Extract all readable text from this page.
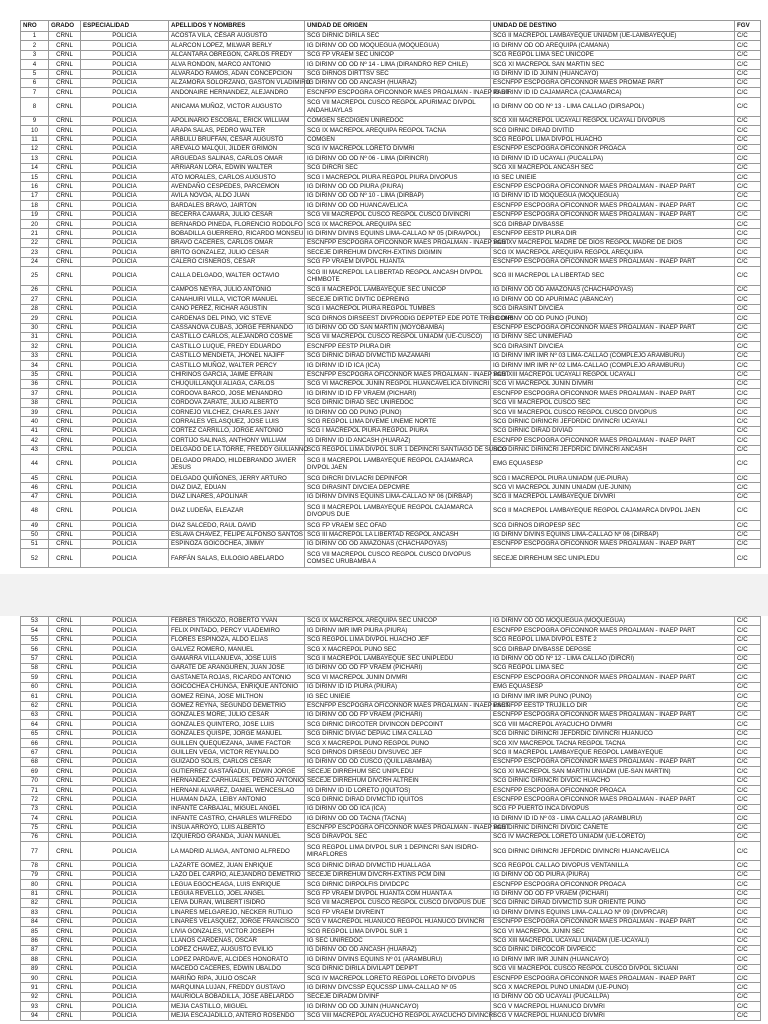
NRO	GRADO	ESPECIALIDAD	APELLIDOS Y NOMBRES	UNIDAD DE ORIGEN	UNIDAD DE DESTINO	FGV
1	CRNL	POLICIA	ACOSTA VILA, CÉSAR AUGUSTO	SCG DIRNIC DIRILA SEC	SCG II MACREPOL LAMBAYEQUE UNIADM (UE-LAMBAYEQUE)	C/C
2	CRNL	POLICIA	ALARCON LOPEZ, MILWAR BERLY	IG DIRINV OD OD MOQUEGUA (MOQUEGUA)	IG DIRINV OD OD AREQUIPA (CAMANA)	C/C
3	CRNL	POLICIA	ALCANTARA OBREGON, CARLOS FREDY	SCG FP VRAEM SEC UNICOP	SCG REGPOL LIMA SEC UNICOPE	C/C
4	CRNL	POLICIA	ALVA RONDON, MARCO ANTONIO	IG DIRINV OD OD Nº 14 - LIMA (DIRANDRO REP CHILE)	SCG XI MACREPOL SAN MARTIN SEC	C/C
5	CRNL	POLICIA	ALVARADO RAMOS, ADAN CONCEPCION	SCG DIRNOS DIRTTSV SEC	IG DIRINV ID ID JUNIN (HUANCAYO)	C/C
6	CRNL	POLICIA	ALZAMORA SOLORZANO, GASTON VLADIMIRO	IG DIRINV OD OD ANCASH (HUARAZ)	ESCNFPP ESCPOGRA OFICONNOR MAES PROMAE PART	C/C
7	CRNL	POLICIA	ANDONAIRE HERNANDEZ, ALEJANDRO	ESCNFPP ESCPOGRA OFICONNOR MAES PROALMAN - INAEP PART	IG DIRINV ID ID CAJAMARCA (CAJAMARCA)	C/C
8	CRNL	POLICIA	ANICAMA MUÑOZ, VICTOR AUGUSTO	SCG VII MACREPOL CUSCO REGPOL APURIMAC DIVPOL ANDAHUAYLAS	IG DIRINV OD OD Nº 13 - LIMA CALLAO (DIRSAPOL)	C/C
9	CRNL	POLICIA	APOLINARIO ESCOBAL, ERICK WILLIAM	COMGEN SECDIGEN UNIREDOC	SCG XIII MACREPOL UCAYALI REGPOL UCAYALI DIVOPUS	C/C
10	CRNL	POLICIA	ARAPA SALAS, PEDRO WALTER	SCG IX MACREPOL AREQUIPA REGPOL TACNA	SCG DIRNIC DIRAD DIVITID	C/C
11	CRNL	POLICIA	ARBULU BRUFFAN, CESAR AUGUSTO	COMGEN	SCG REGPOL LIMA DIVPOL HUACHO	C/C
12	CRNL	POLICIA	AREVALO MALQUI, JILDER GRIMON	SCG IV MACREPOL LORETO DIVMRI	ESCNFPP ESCPOGRA OFICONNOR PROACA	C/C
13	CRNL	POLICIA	ARGUEDAS SALINAS, CARLOS OMAR	IG DIRINV OD OD Nº 06 - LIMA (DIRINCRI)	IG DIRINV ID ID UCAYALI (PUCALLPA)	C/C
14	CRNL	POLICIA	ARRIARAN LORA, EDWIN WALTER	SCG DIRCRI SEC	SCG XII MACREPOL ANCASH SEC	C/C
15	CRNL	POLICIA	ATO MORALES, CARLOS AUGUSTO	SCG I MACREPOL PIURA REGPOL PIURA DIVOPUS	IG SEC UNIEIE	C/C
16	CRNL	POLICIA	AVENDAÑO CESPEDES, PARCEMON	IG DIRINV OD OD PIURA (PIURA)	ESCNFPP ESCPOGRA OFICONNOR MAES PROALMAN - INAEP PART	C/C
17	CRNL	POLICIA	AVILA NOVOA, ALDO JUAN	IG DIRINV OD OD Nº 10 - LIMA (DIRBAP)	IG DIRINV ID ID MOQUEGUA (MOQUEGUA)	C/C
18	CRNL	POLICIA	BARDALES BRAVO, JAIRTON	IG DIRINV OD OD HUANCAVELICA	ESCNFPP ESCPOGRA OFICONNOR MAES PROALMAN - INAEP PART	C/C
19	CRNL	POLICIA	BECERRA CAMARA, JULIO CESAR	SCG VII MACREPOL CUSCO REGPOL CUSCO DIVINCRI	ESCNFPP ESCPOGRA OFICONNOR MAES PROALMAN - INAEP PART	C/C
20	CRNL	POLICIA	BERNARDO PINEDA, FLORENCIO RODOLFO	SCG IX MACREPOL AREQUIPA SEC	SCG DIRBAP DIVBASSE	C/C
21	CRNL	POLICIA	BOBADILLA GUERRERO, RICARDO MONSEU	IG DIRINV DIVINS EQUINS LIMA-CALLAO Nº 05 (DIRAVPOL)	ESCNFPP EESTP PIURA DIR	C/C
22	CRNL	POLICIA	BRAVO CACERES, CARLOS OMAR	ESCNFPP ESCPOGRA OFICONNOR MAES PROALMAN - INAEP PART	SCG XV MACREPOL MADRE DE DIOS REGPOL MADRE DE DIOS	C/C
23	CRNL	POLICIA	BRITO GONZALEZ, JULIO CESAR	SECEJE DIRREHUM DIVCRH-EXTINS DIGIMIN	SCG IX MACREPOL AREQUIPA REGPOL AREQUIPA	C/C
24	CRNL	POLICIA	CALERO CISNEROS, CESAR	SCG FP VRAEM DIVPOL HUANTA	ESCNFPP ESCPOGRA OFICONNOR MAES PROALMAN - INAEP PART	C/C
25	CRNL	POLICIA	CALLA DELGADO, WALTER OCTAVIO	SCG III MACREPOL LA LIBERTAD REGPOL ANCASH DIVPOL CHIMBOTE	SCG III MACREPOL LA LIBERTAD SEC	C/C
26	CRNL	POLICIA	CAMPOS NEYRA, JULIO ANTONIO	SCG II MACREPOL LAMBAYEQUE SEC UNICOP	IG DIRINV OD OD AMAZONAS (CHACHAPOYAS)	C/C
27	CRNL	POLICIA	CANAHUIRI VILLA, VICTOR MANUEL	SECEJE DIRTIC DIVTIC DEPREING	IG DIRINV OD OD APURIMAC (ABANCAY)	C/C
28	CRNL	POLICIA	CANO PEREZ, RICHAR AGUSTIN	SCG I MACREPOL PIURA REGPOL TUMBES	SCG DIRASINT DIVCIEA	C/C
29	CRNL	POLICIA	CARDENAS DEL PINO, VIC STEVE	SCG DIRNOS DIRSEEST DIVPRODIG DEPPTEP EDE PDTE TRIB CONS	IG DIRINV OD OD PUNO (PUNO)	C/C
30	CRNL	POLICIA	CASSANOVA CUBAS, JORGE FERNANDO	IG DIRINV OD OD SAN MARTIN (MOYOBAMBA)	ESCNFPP ESCPOGRA OFICONNOR MAES PROALMAN - INAEP PART	C/C
31	CRNL	POLICIA	CASTILLO CARLOS, ALEJANDRO COSME	SCG VII MACREPOL CUSCO REGPOL UNIADM (UE-CUSCO)	IG DIRINV SEC UNIMEFIAD	C/C
32	CRNL	POLICIA	CASTILLO LUQUE, FREDY EDUARDO	ESCNFPP EESTP PIURA DIR	SCG DIRASINT DIVCIEA	C/C
33	CRNL	POLICIA	CASTILLO MENDIETA, JHONEL NAJIFF	SCG DIRNIC DIRAD DIVMCTID MAZAMARI	IG DIRINV IMR IMR Nº 03 LIMA-CALLAO (COMPLEJO ARAMBURU)	C/C
34	CRNL	POLICIA	CASTILLO MUÑOZ, WALTER PERCY	IG DIRINV ID ID ICA (ICA)	IG DIRINV IMR IMR Nº 02 LIMA-CALLAO (COMPLEJO ARAMBURU)	C/C
35	CRNL	POLICIA	CHIRINOS GARCIA, JAIME EFRAIN	ESCNFPP ESCPOGRA OFICONNOR MAES PROALMAN - INAEP PART	SCG XIII MACREPOL UCAYALI REGPOL UCAYALI	C/C
36	CRNL	POLICIA	CHUQUILLANQUI ALIAGA, CARLOS	SCG VI MACREPOL JUNIN REGPOL HUANCAVELICA DIVINCRI	SCG VI MACREPOL JUNIN DIVMRI	C/C
37	CRNL	POLICIA	CORDOVA BARCO, JOSE MENANDRO	IG DIRINV ID ID FP VRAEM (PICHARI)	ESCNFPP ESCPOGRA OFICONNOR MAES PROALMAN - INAEP PART	C/C
38	CRNL	POLICIA	CORDOVA ZARATE, JULIO ALBERTO	SCG DIRNIC DIRAD SEC UNIREDOC	SCG VII MACREPOL CUSCO SEC	C/C
39	CRNL	POLICIA	CORNEJO VILCHEZ, CHARLES JANY	IG DIRINV OD OD PUNO (PUNO)	SCG VII MACREPOL CUSCO REGPOL CUSCO DIVOPUS	C/C
40	CRNL	POLICIA	CORRALES VELASQUEZ, JOSE LUIS	SCG REGPOL LIMA DIVEME UNEME NORTE	SCG DIRNIC DIRINCRI JEFDRDIC DIVINCRI UCAYALI	C/C
41	CRNL	POLICIA	CORTEZ CARRILLO, JORGE ANTONIO	SCG I MACREPOL PIURA REGPOL PIURA	SCG DIRNIC DIRAD DIVIAD	C/C
42	CRNL	POLICIA	CORTIJO SALINAS, ANTHONY WILLIAM	IG DIRINV ID ID ANCASH (HUARAZ)	ESCNFPP ESCPOGRA OFICONNOR MAES PROALMAN - INAEP PART	C/C
43	CRNL	POLICIA	DELGADO DE LA TORRE, FREDDY GIULIANNO	SCG REGPOL LIMA DIVPOL SUR 1 DEPINCRI SANTIAGO DE SURCO	SCG DIRNIC DIRINCRI JEFDRDIC DIVINCRI ANCASH	C/C
44	CRNL	POLICIA	DELGADO PRADO, HILDEBRANDO JAVIER JESUS	SCG II MACREPOL LAMBAYEQUE REGPOL CAJAMARCA DIVPOL JAEN	EMG EQUASESP	C/C
45	CRNL	POLICIA	DELGADO QUIÑONES, JERRY ARTURO	SCG DIRCRI DIVLACRI DEPINFOR	SCG I MACREPOL PIURA UNIADM (UE-PIURA)	C/C
46	CRNL	POLICIA	DIAZ DIAZ, EDUAN	SCG DIRASINT DIVCIEA DEPCMRE	SCG VI MACREPOL JUNIN UNIADM (UE-JUNIN)	C/C
47	CRNL	POLICIA	DIAZ LINARES, APOLINAR	IG DIRINV DIVINS EQUINS LIMA-CALLAO Nº 06 (DIRBAP)	SCG II MACREPOL LAMBAYEQUE DIVMRI	C/C
48	CRNL	POLICIA	DIAZ LUDEÑA, ELEAZAR	SCG II MACREPOL LAMBAYEQUE REGPOL CAJAMARCA DIVOPUS DUE	SCG II MACREPOL LAMBAYEQUE REGPOL CAJAMARCA DIVPOL JAEN	C/C
49	CRNL	POLICIA	DIAZ SALCEDO, RAUL DAVID	SCG FP VRAEM SEC OFAD	SCG DIRNOS DIROPESP SEC	C/C
50	CRNL	POLICIA	ESLAVA CHAVEZ, FELIPE ALFONSO SANTOS	SCG III MACREPOL LA LIBERTAD REGPOL ANCASH	IG DIRINV DIVINS EQUINS LIMA-CALLAO Nº 06 (DIRBAP)	C/C
51	CRNL	POLICIA	ESPINOZA GOICOCHEA, JIMMY	IG DIRINV OD OD AMAZONAS (CHACHAPOYAS)	ESCNFPP ESCPOGRA OFICONNOR MAES PROALMAN - INAEP PART	C/C
52	CRNL	POLICIA	FARFÁN SALAS, EULOGIO ABELARDO	SCG VII MACREPOL CUSCO REGPOL CUSCO DIVOPUS COMSEC URUBAMBA A	SECEJE DIRREHUM SEC UNIPLEDU	C/C
53	CRNL	POLICIA	FEBRES TRIGOZO, ROBERTO YVAN	SCG IX MACREPOL AREQUIPA SEC UNICOP	IG DIRINV OD OD MOQUEGUA (MOQUEGUA)	C/C
54	CRNL	POLICIA	FELIX PINTADO, PERCY VLADEMIRO	IG DIRINV IMR IMR PIURA (PIURA)	ESCNFPP ESCPOGRA OFICONNOR MAES PROALMAN - INAEP PART	C/C
55	CRNL	POLICIA	FLORES ESPINOZA, ALDO ELIAS	SCG REGPOL LIMA DIVPOL HUACHO JEF	SCG REGPOL LIMA DIVPOL ESTE 2	C/C
56	CRNL	POLICIA	GALVEZ ROMERO, MANUEL	SCG X MACREPOL PUNO SEC	SCG DIRBAP DIVBASSE DEPGSE	C/C
57	CRNL	POLICIA	GAMARRA VILLANUEVA, JOSE LUIS	SCG II MACREPOL LAMBAYEQUE SEC UNIPLEDU	IG DIRINV OD OD Nº 12 - LIMA CALLAO (DIRCRI)	C/C
58	CRNL	POLICIA	GARATE DE ARANGUREN, JUAN JOSE	IG DIRINV OD OD FP VRAEM (PICHARI)	SCG REGPOL LIMA SEC	C/C
59	CRNL	POLICIA	GASTANETA ROJAS, RICARDO ANTONIO	SCG VI MACREPOL JUNIN DIVMRI	ESCNFPP ESCPOGRA OFICONNOR MAES PROALMAN - INAEP PART	C/C
60	CRNL	POLICIA	GOICOCHEA CHUNGA, ENRIQUE ANTONIO	IG DIRINV ID ID PIURA (PIURA)	EMG EQUASESP	C/C
61	CRNL	POLICIA	GOMEZ REINA, JOSE MILTHON	IG SEC UNIEIE	IG DIRINV IMR IMR PUNO (PUNO)	C/C
62	CRNL	POLICIA	GOMEZ REYNA, SEGUNDO DEMETRIO	ESCNFPP ESCPOGRA OFICONNOR MAES PROALMAN - INAEP PART	ESCNFPP EESTP TRUJILLO DIR	C/C
63	CRNL	POLICIA	GONZALES MORE, JULIO CESAR	IG DIRINV OD OD FP VRAEM (PICHARI)	ESCNFPP ESCPOGRA OFICONNOR MAES PROALMAN - INAEP PART	C/C
64	CRNL	POLICIA	GONZALES QUINTERO, JOSE LUIS	SCG DIRNIC DIRCOTER DIVINCON DEPCOINT	SCG VIII MACREPOL AYACUCHO DIVMRI	C/C
65	CRNL	POLICIA	GONZALES QUISPE, JORGE MANUEL	SCG DIRNIC DIVIAC DEPIAC LIMA CALLAO	SCG DIRNIC DIRINCRI JEFDRDIC DIVINCRI HUANUCO	C/C
66	CRNL	POLICIA	GUILLEN QUEQUEZANA, JAIME FACTOR	SCG X MACREPOL PUNO REGPOL PUNO	SCG XIV MACREPOL TACNA REGPOL TACNA	C/C
67	CRNL	POLICIA	GUILLEN VEGA, VICTOR REYNALDO	SCG DIRNOS DIRSEGU DIVSUVEC JEF	SCG II MACREPOL LAMBAYEQUE REGPOL LAMBAYEQUE	C/C
68	CRNL	POLICIA	GUIZADO SOLIS, CARLOS CESAR	IG DIRINV OD OD CUSCO (QUILLABAMBA)	ESCNFPP ESCPOGRA OFICONNOR MAES PROALMAN - INAEP PART	C/C
69	CRNL	POLICIA	GUTIERREZ GASTAÑADUI, EDWIN JORGE	SECEJE DIRREHUM SEC UNIPLEDU	SCG XI MACREPOL SAN MARTIN UNIADM (UE-SAN MARTIN)	C/C
70	CRNL	POLICIA	HERNANDEZ CARHUALES, PEDRO ANTONIO	SECEJE DIRREHUM DIVCRH ALTREIN	SCG DIRNIC DIRINCRI DIVDIC HUACHO	C/C
71	CRNL	POLICIA	HERNANI ALVAREZ, DANIEL WENCESLAO	IG DIRINV ID ID LORETO (IQUITOS)	ESCNFPP ESCPOGRA OFICONNOR PROACA	C/C
72	CRNL	POLICIA	HUAMAN DAZA, LEIBY ANTONIO	SCG DIRNIC DIRAD DIVMCTID IQUITOS	ESCNFPP ESCPOGRA OFICONNOR MAES PROALMAN - INAEP PART	C/C
73	CRNL	POLICIA	INFANTE CARBAJAL, MIGUEL ANGEL	IG DIRINV OD OD ICA (ICA)	SCG FP PUERTO INCA DIVOPUS	C/C
74	CRNL	POLICIA	INFANTE CASTRO, CHARLES WILFREDO	IG DIRINV OD OD TACNA (TACNA)	IG DIRINV ID ID Nº 03 - LIMA CALLAO (ARAMBURU)	C/C
75	CRNL	POLICIA	INSUA ARROYO, LUIS ALBERTO	ESCNFPP ESCPOGRA OFICONNOR MAES PROALMAN - INAEP PART	SCG DIRNIC DIRINCRI DIVDIC CAÑETE	C/C
76	CRNL	POLICIA	IZQUIERDO GRANDA, JUAN MANUEL	SCG DIRAVPOL SEC	SCG IV MACREPOL LORETO UNIADM (UE-LORETO)	C/C
77	CRNL	POLICIA	LA MADRID ALIAGA, ANTONIO ALFREDO	SCG REGPOL LIMA DIVPOL SUR 1 DEPINCRI SAN ISIDRO-MIRAFLORES	SCG DIRNIC DIRINCRI JEFDRDIC DIVINCRI HUANCAVELICA	C/C
78	CRNL	POLICIA	LAZARTE GOMEZ, JUAN ENRIQUE	SCG DIRNIC DIRAD DIVMCTID HUALLAGA	SCG REGPOL CALLAO DIVOPUS VENTANILLA	C/C
79	CRNL	POLICIA	LAZO DEL CARPIO, ALEJANDRO DEMETRIO	SECEJE DIRREHUM DIVCRH-EXTINS PCM DINI	IG DIRINV OD OD PIURA (PIURA)	C/C
80	CRNL	POLICIA	LEGUA EGOCHEAGA, LUIS ENRIQUE	SCG DIRNIC DIRPOLFIS DIVIDCPC	ESCNFPP ESCPOGRA OFICONNOR PROACA	C/C
81	CRNL	POLICIA	LEGUIA REVELLO, JOEL ANGEL	SCG FP VRAEM DIVPOL HUANTA COM HUANTA A	IG DIRINV OD OD FP VRAEM (PICHARI)	C/C
82	CRNL	POLICIA	LEIVA DURAN, WILBERT ISIDRO	SCG VII MACREPOL CUSCO REGPOL CUSCO DIVOPUS DUE	SCG DIRNIC DIRAD DIVMCTID SUR ORIENTE PUNO	C/C
83	CRNL	POLICIA	LINARES MELGAREJO, NECKER RUTILIO	SCG FP VRAEM DIVREINT	IG DIRINV DIVINS EQUINS LIMA-CALLAO Nº 09 (DIVPRCAR)	C/C
84	CRNL	POLICIA	LINARES VELASQUEZ, JORGE FRANCISCO	SCG V MACREPOL HUANUCO REGPOL HUANUCO DIVINCRI	ESCNFPP ESCPOGRA OFICONNOR MAES PROALMAN - INAEP PART	C/C
85	CRNL	POLICIA	LIVIA GONZALES, VICTOR JOSEPH	SCG REGPOL LIMA DIVPOL SUR 1	SCG VI MACREPOL JUNIN SEC	C/C
86	CRNL	POLICIA	LLANOS CARDENAS, OSCAR	IG SEC UNIREDOC	SCG XIII MACREPOL UCAYALI UNIADM (UE-UCAYALI)	C/C
87	CRNL	POLICIA	LOPEZ CHAVEZ, AUGUSTO EVILIO	IG DIRINV OD OD ANCASH (HUARAZ)	SCG DIRNIC DIRCOCOR DIVPEICC	C/C
88	CRNL	POLICIA	LOPEZ PARDAVE, ALCIDES HONORATO	IG DIRINV DIVINS EQUINS Nº 01 (ARAMBURU)	IG DIRINV IMR IMR JUNIN (HUANCAYO)	C/C
89	CRNL	POLICIA	MACEDO CACERES, EDWIN UBALDO	SCG DIRNIC DIRILA DIVILAPT DEPIPT	SCG VII MACREPOL CUSCO REGPOL CUSCO DIVPOL SICUANI	C/C
90	CRNL	POLICIA	MARIÑO RIPA, JULIO OSCAR	SCG IV MACREPOL LORETO REGPOL LORETO DIVOPUS	ESCNFPP ESCPOGRA OFICONNOR MAES PROALMAN - INAEP PART	C/C
91	CRNL	POLICIA	MARQUINA LUJAN, FREDDY GUSTAVO	IG DIRINV DIVCSSP EQUCSSP LIMA-CALLAO Nº 05	SCG X MACREPOL PUNO UNIADM (UE-PUNO)	C/C
92	CRNL	POLICIA	MAURIOLA BOBADILLA, JOSE ABELARDO	SECEJE DIRADM DIVINF	IG DIRINV OD OD UCAYALI (PUCALLPA)	C/C
93	CRNL	POLICIA	MEJIA CASTILLO, MIGUEL	IG DIRINV OD OD JUNIN (HUANCAYO)	SCG V MACREPOL HUANUCO DIVMRI	C/C
94	CRNL	POLICIA	MEJIA ESCAJADILLO, ANTERO ROSENDO	SCG VIII MACREPOL AYACUCHO REGPOL AYACUCHO DIVINCRI	SCG V MACREPOL HUANUCO DIVMRI	C/C
